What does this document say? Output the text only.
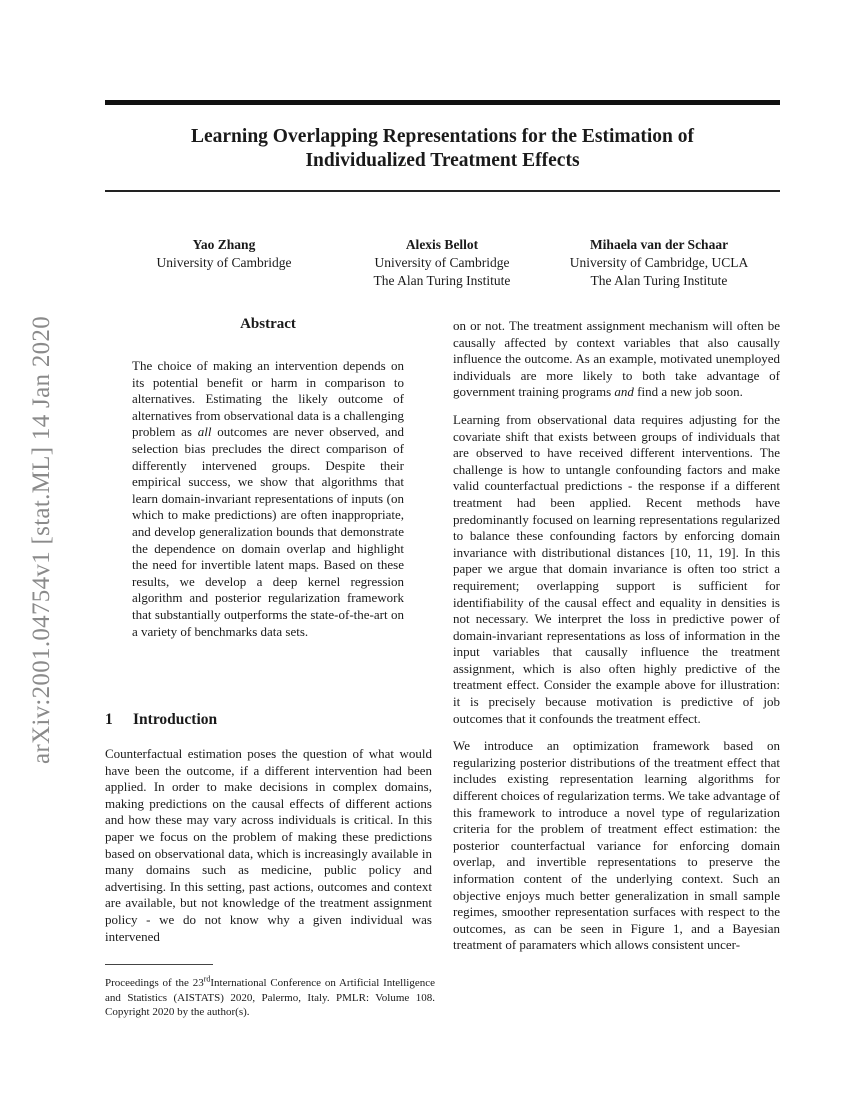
Learning Overlapping Representations for the Estimation of
Individualized Treatment Effects
arXiv:2001.04754v1 [stat.ML] 14 Jan 2020
Yao Zhang
University of Cambridge
Alexis Bellot
University of Cambridge
The Alan Turing Institute
Mihaela van der Schaar
University of Cambridge, UCLA
The Alan Turing Institute
Abstract

The choice of making an intervention depends on its potential benefit or harm in comparison to alternatives. Estimating the likely outcome of alternatives from observational data is a challenging problem as all outcomes are never observed, and selection bias precludes the direct comparison of differently intervened groups. Despite their empirical success, we show that algorithms that learn domain-invariant representations of inputs (on which to make predictions) are often inappropriate, and develop generalization bounds that demonstrate the dependence on domain overlap and highlight the need for invertible latent maps. Based on these results, we develop a deep kernel regression algorithm and posterior regularization framework that substantially outperforms the state-of-the-art on a variety of benchmarks data sets.

1 Introduction

Counterfactual estimation poses the question of what would have been the outcome, if a different intervention had been applied. In order to make decisions in complex domains, making predictions on the causal effects of different actions and how these may vary across individuals is critical. In this paper we focus on the problem of making these predictions based on observational data, which is increasingly available in many domains such as medicine, public policy and advertising. In this setting, past actions, outcomes and context are available, but not knowledge of the treatment assignment policy - we do not know why a given individual was intervened

Proceedings of the 23rdInternational Conference on Artificial Intelligence and Statistics (AISTATS) 2020, Palermo, Italy. PMLR: Volume 108. Copyright 2020 by the author(s).

on or not. The treatment assignment mechanism will often be causally affected by context variables that also causally influence the outcome. As an example, motivated unemployed individuals are more likely to both take advantage of government training programs and find a new job soon.

Learning from observational data requires adjusting for the covariate shift that exists between groups of individuals that are observed to have received different interventions. The challenge is how to untangle confounding factors and make valid counterfactual predictions - the response if a different treatment had been applied. Recent methods have predominantly focused on learning representations regularized to balance these confounding factors by enforcing domain invariance with distributional distances [10, 11, 19]. In this paper we argue that domain invariance is often too strict a requirement; overlapping support is sufficient for identifiability of the causal effect and equality in densities is not necessary. We interpret the loss in predictive power of domain-invariant representations as loss of information in the input variables that causally influence the treatment assignment, which is also often highly predictive of the treatment effect. Consider the example above for illustration: it is precisely because motivation is predictive of job outcomes that it confounds the treatment effect.

We introduce an optimization framework based on regularizing posterior distributions of the treatment effect that includes existing representation learning algorithms for different choices of regularization terms. We take advantage of this framework to introduce a novel type of regularization criteria for the problem of treatment effect estimation: the posterior counterfactual variance for enforcing domain overlap, and invertible representations to preserve the information content of the underlying context. Such an objective enjoys much better generalization in small sample regimes, smoother representation surfaces with respect to the outcomes, as can be seen in Figure 1, and a Bayesian treatment of paramaters which allows consistent uncer-
